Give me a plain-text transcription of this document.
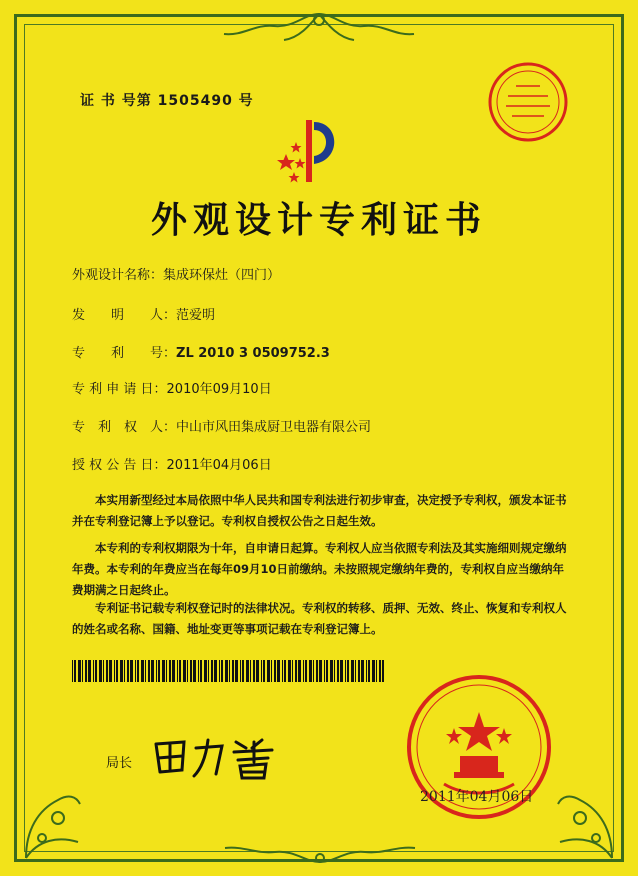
证 书 号第 1505490 号
外观设计专利证书
外观设计名称：集成环保灶（四门）
发　　明　　人：范爱明
专　　利　　号：ZL 2010 3 0509752.3
专 利 申 请 日：2010年09月10日
专　利　权　人：中山市风田集成厨卫电器有限公司
授 权 公 告 日：2011年04月06日
本实用新型经过本局依照中华人民共和国专利法进行初步审查，决定授予专利权，颁发本证书并在专利登记簿上予以登记。专利权自授权公告之日起生效。
本专利的专利权期限为十年，自申请日起算。专利权人应当依照专利法及其实施细则规定缴纳年费。本专利的年费应当在每年09月10日前缴纳。未按照规定缴纳年费的，专利权自应当缴纳年费期满之日起终止。
专利证书记载专利权登记时的法律状况。专利权的转移、质押、无效、终止、恢复和专利权人的姓名或名称、国籍、地址变更等事项记载在专利登记簿上。
局长
2011年04月06日
